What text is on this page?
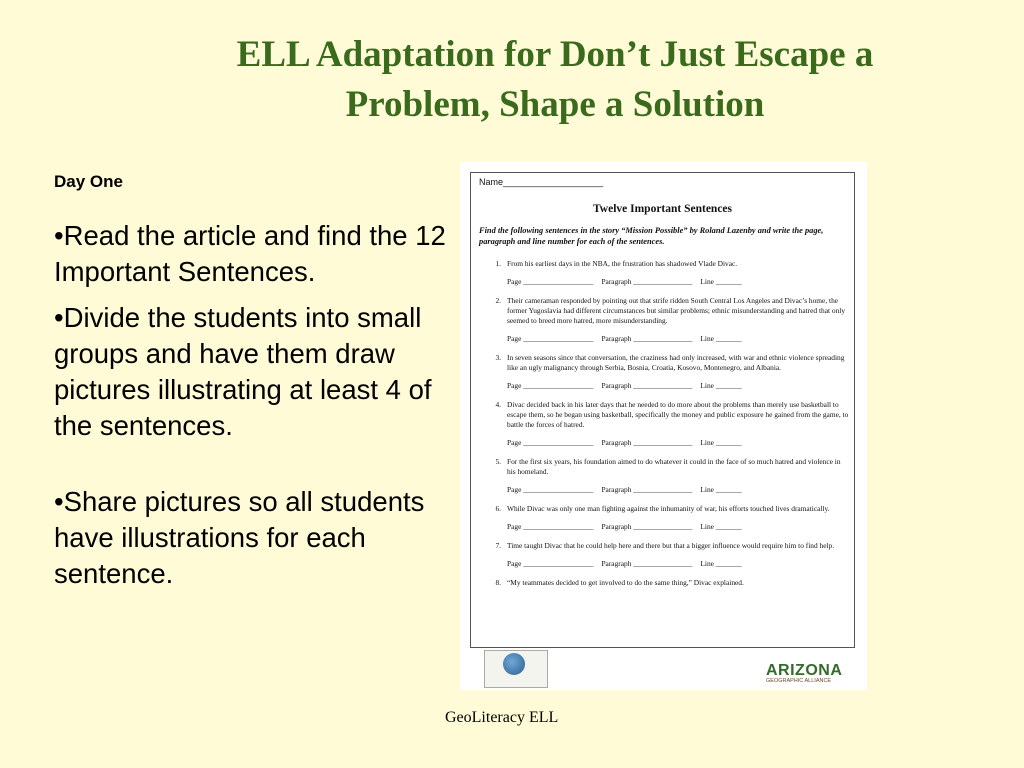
ELL Adaptation for Don’t Just Escape a
Problem, Shape a Solution
Day One

•Read the article and find the 12 Important Sentences.

•Divide the students into small groups and have them draw pictures illustrating at least 4 of the sentences.

•Share pictures so all students have illustrations for each sentence.

Name____________________
Twelve Important Sentences
Find the following sentences in the story “Mission Possible” by Roland Lazenby and write the page, paragraph and line number for each of the sentences.
1. From his earliest days in the NBA, the frustration has shadowed Vlade Divac.
Page ___________________ Paragraph ________________ Line _______
2. Their cameraman responded by pointing out that strife ridden South Central Los Angeles and Divac’s home, the former Yugoslavia had different circumstances but similar problems; ethnic misunderstanding and hatred that only seemed to breed more hatred, more misunderstanding.
Page ___________________ Paragraph ________________ Line _______
3. In seven seasons since that conversation, the craziness had only increased, with war and ethnic violence spreading like an ugly malignancy through Serbia, Bosnia, Croatia, Kosovo, Montenegro, and Albania.
Page ___________________ Paragraph ________________ Line _______
4. Divac decided back in his later days that he needed to do more about the problems than merely use basketball to escape them, so he began using basketball, specifically the money and public exposure he gained from the game, to battle the forces of hatred.
Page ___________________ Paragraph ________________ Line _______
5. For the first six years, his foundation aimed to do whatever it could in the face of so much hatred and violence in his homeland.
Page ___________________ Paragraph ________________ Line _______
6. While Divac was only one man fighting against the inhumanity of war, his efforts touched lives dramatically.
Page ___________________ Paragraph ________________ Line _______
7. Time taught Divac that he could help here and there but that a bigger influence would require him to find help.
Page ___________________ Paragraph ________________ Line _______
8. “My teammates decided to get involved to do the same thing,” Divac explained.
ARIZONA
GEOGRAPHIC ALLIANCE
GeoLiteracy ELL
